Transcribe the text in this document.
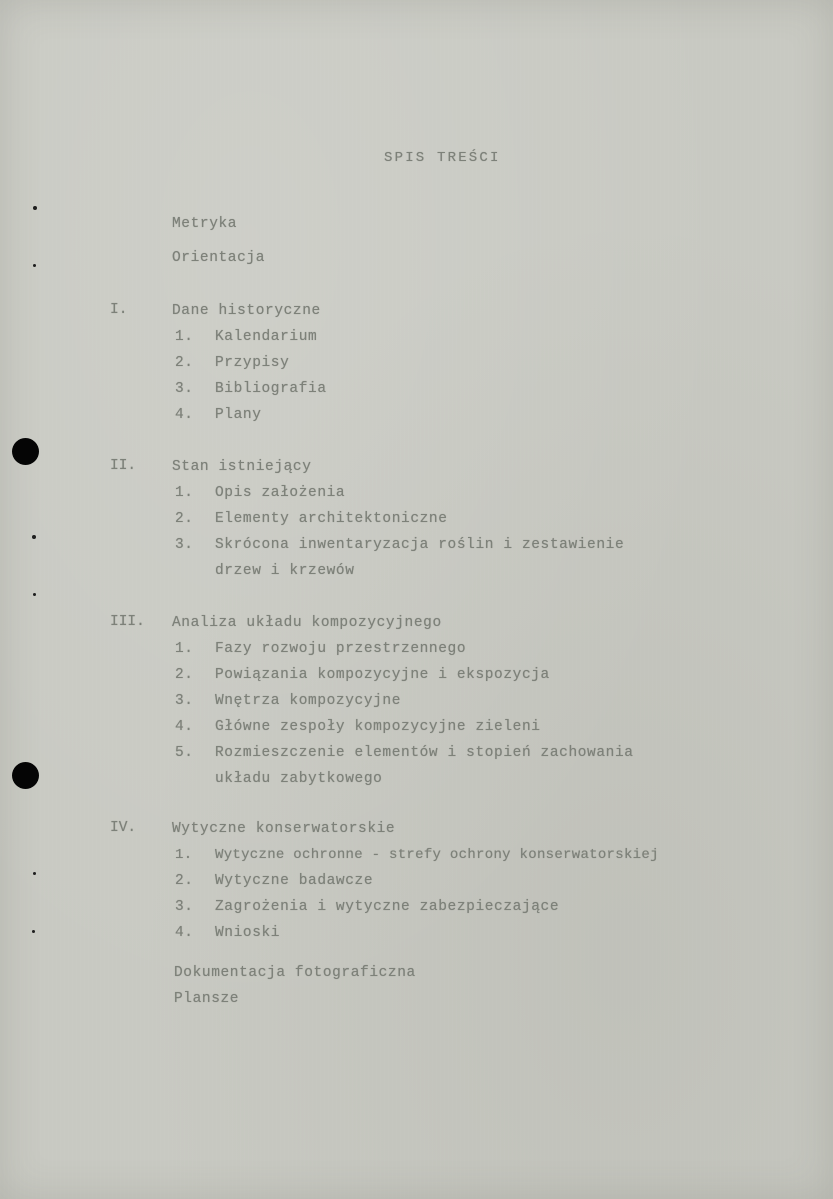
SPIS TREŚCI
Metryka
Orientacja
I.	Dane historyczne
1. Kalendarium
2. Przypisy
3. Bibliografia
4. Plany
II. Stan istniejący
1. Opis założenia
2. Elementy architektoniczne
3. Skrócona inwentaryzacja roślin i zestawienie
drzew i krzewów
III. Analiza układu kompozycyjnego
1. Fazy rozwoju przestrzennego
2. Powiązania kompozycyjne i ekspozycja
3. Wnętrza kompozycyjne
4. Główne zespoły kompozycyjne zieleni
5. Rozmieszczenie elementów i stopień zachowania
układu zabytkowego
IV. Wytyczne konserwatorskie
1. Wytyczne ochronne - strefy ochrony konserwatorskiej
2. Wytyczne badawcze
3. Zagrożenia i wytyczne zabezpieczające
4. Wnioski
Dokumentacja fotograficzna
Plansze
